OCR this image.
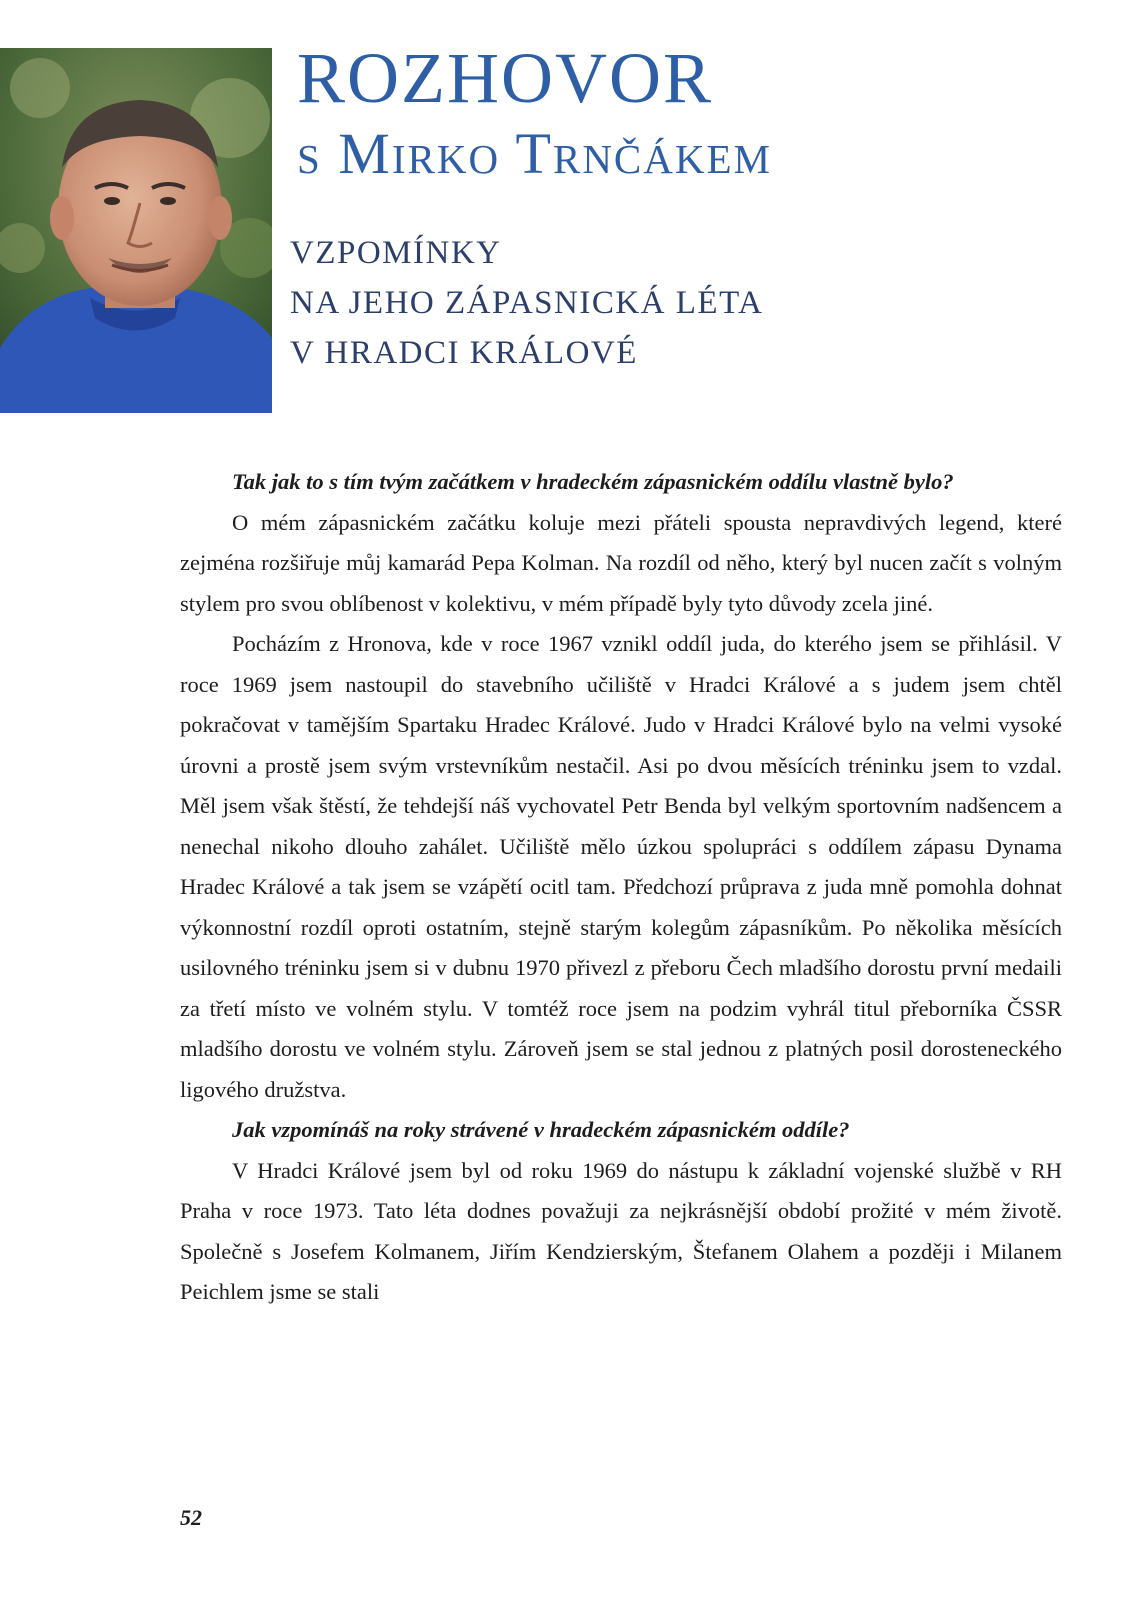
ROZHOVOR
s Mirko Trnčákem
VZPOMÍNKY
NA JEHO ZÁPASNICKÁ LÉTA
V HRADCI KRÁLOVÉ

Tak jak to s tím tvým začátkem v hradeckém zápasnickém oddílu vlastně bylo?

O mém zápasnickém začátku koluje mezi přáteli spousta nepravdivých legend, které zejména rozšiřuje můj kamarád Pepa Kolman. Na rozdíl od něho, který byl nucen začít s volným stylem pro svou oblíbenost v kolektivu, v mém případě byly tyto důvody zcela jiné.

Pocházím z Hronova, kde v roce 1967 vznikl oddíl juda, do kterého jsem se přihlásil. V roce 1969 jsem nastoupil do stavebního učiliště v Hradci Králové a s judem jsem chtěl pokračovat v tamějším Spartaku Hradec Králové. Judo v Hradci Králové bylo na velmi vysoké úrovni a prostě jsem svým vrstevníkům nestačil. Asi po dvou měsících tréninku jsem to vzdal. Měl jsem však štěstí, že tehdejší náš vychovatel Petr Benda byl velkým sportovním nadšencem a nenechal nikoho dlouho zahálet. Učiliště mělo úzkou spolupráci s oddílem zápasu Dynama Hradec Králové a tak jsem se vzápětí ocitl tam. Předchozí průprava z juda mně pomohla dohnat výkonnostní rozdíl oproti ostatním, stejně starým kolegům zápasníkům. Po několika měsících usilovného tréninku jsem si v dubnu 1970 přivezl z přeboru Čech mladšího dorostu první medaili za třetí místo ve volném stylu. V tomtéž roce jsem na podzim vyhrál titul přeborníka ČSSR mladšího dorostu ve volném stylu. Zároveň jsem se stal jednou z platných posil dorosteneckého ligového družstva.

Jak vzpomínáš na roky strávené v hradeckém zápasnickém oddíle?

V Hradci Králové jsem byl od roku 1969 do nástupu k základní vojenské službě v RH Praha v roce 1973. Tato léta dodnes považuji za nejkrásnější období prožité v mém životě. Společně s Josefem Kolmanem, Jiřím Kendzierským, Štefanem Olahem a později i Milanem Peichlem jsme se stali

52
